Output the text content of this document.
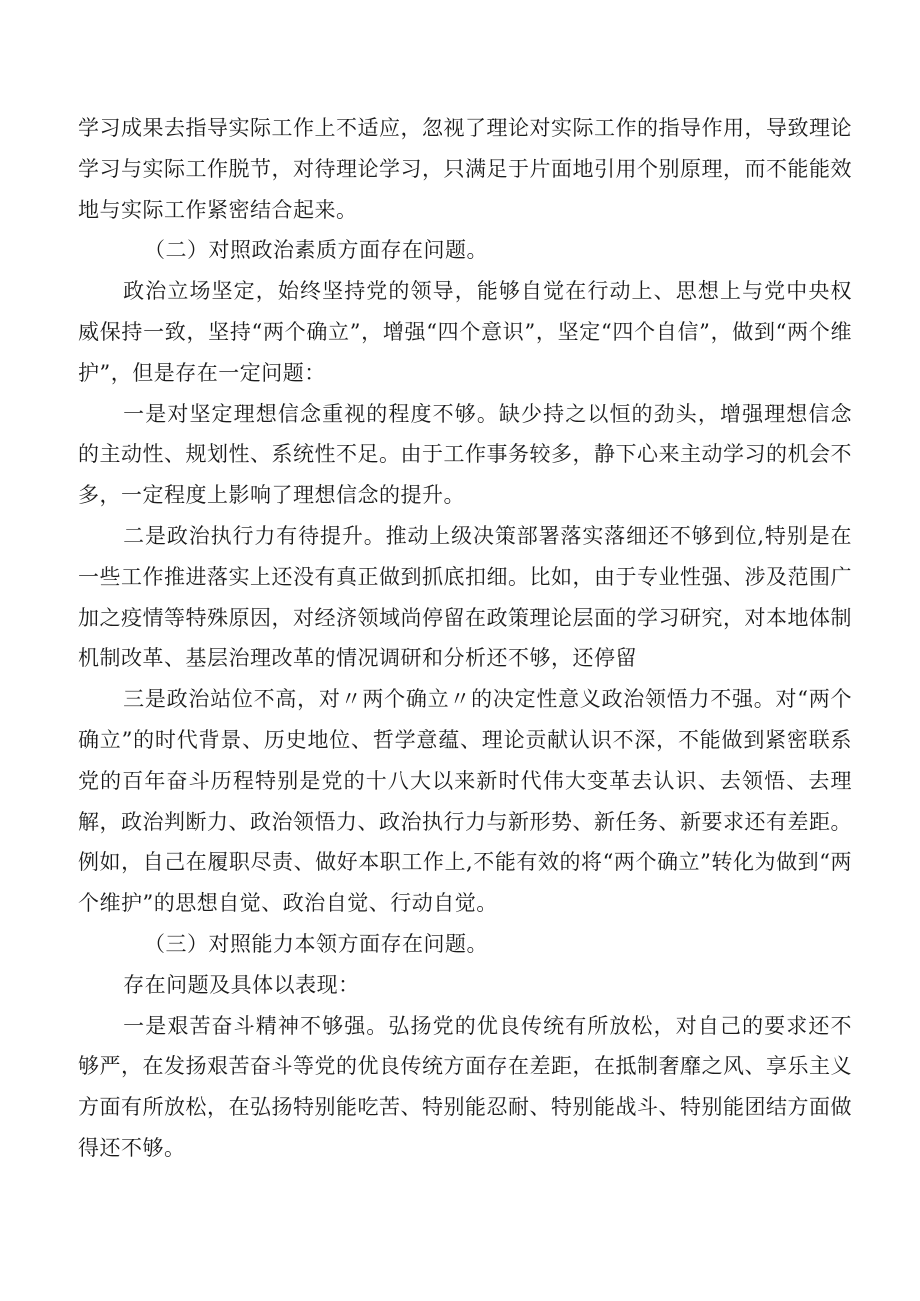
学习成果去指导实际工作上不适应，忽视了理论对实际工作的指导作用，导致理论学习与实际工作脱节，对待理论学习，只满足于片面地引用个别原理，而不能能效地与实际工作紧密结合起来。

（二）对照政治素质方面存在问题。

政治立场坚定，始终坚持党的领导，能够自觉在行动上、思想上与党中央权威保持一致，坚持“两个确立”，增强“四个意识”，坚定“四个自信”，做到“两个维护”，但是存在一定问题：

一是对坚定理想信念重视的程度不够。缺少持之以恒的劲头，增强理想信念的主动性、规划性、系统性不足。由于工作事务较多，静下心来主动学习的机会不多，一定程度上影响了理想信念的提升。

二是政治执行力有待提升。推动上级决策部署落实落细还不够到位,特别是在一些工作推进落实上还没有真正做到抓底扣细。比如，由于专业性强、涉及范围广加之疫情等特殊原因，对经济领域尚停留在政策理论层面的学习研究，对本地体制机制改革、基层治理改革的情况调研和分析还不够，还停留

三是政治站位不高，对〃两个确立〃的决定性意义政治领悟力不强。对“两个确立”的时代背景、历史地位、哲学意蕴、理论贡献认识不深，不能做到紧密联系党的百年奋斗历程特别是党的十八大以来新时代伟大变革去认识、去领悟、去理解，政治判断力、政治领悟力、政治执行力与新形势、新任务、新要求还有差距。例如，自己在履职尽责、做好本职工作上,不能有效的将“两个确立”转化为做到“两个维护”的思想自觉、政治自觉、行动自觉。

（三）对照能力本领方面存在问题。

存在问题及具体以表现：

一是艰苦奋斗精神不够强。弘扬党的优良传统有所放松，对自己的要求还不够严，在发扬艰苦奋斗等党的优良传统方面存在差距，在抵制奢靡之风、享乐主义方面有所放松，在弘扬特别能吃苦、特别能忍耐、特别能战斗、特别能团结方面做得还不够。
